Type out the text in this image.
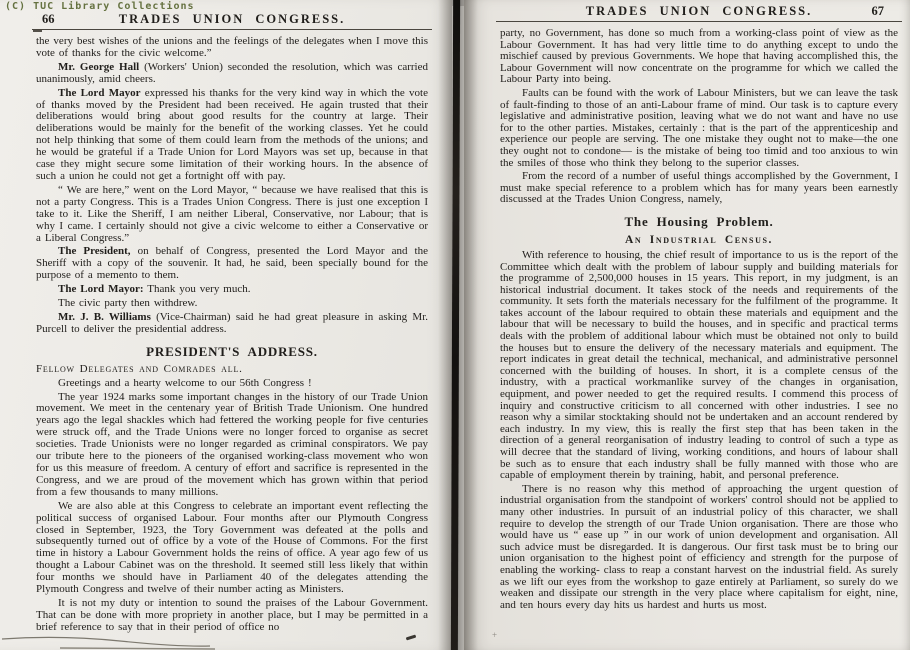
(C) TUC Library Collections
66	TRADES UNION CONGRESS.

the very best wishes of the unions and the feelings of the delegates when I move this vote of thanks for the civic welcome.”

Mr. George Hall (Workers' Union) seconded the resolution, which was carried unanimously, amid cheers.

The Lord Mayor expressed his thanks for the very kind way in which the vote of thanks moved by the President had been received. He again trusted that their deliberations would bring about good results for the country at large. Their deliberations would be mainly for the benefit of the working classes. Yet he could not help thinking that some of them could learn from the methods of the unions; and he would be grateful if a Trade Union for Lord Mayors was set up, because in that case they might secure some limitation of their working hours. In the absence of such a union he could not get a fortnight off with pay.

“ We are here,” went on the Lord Mayor, “ because we have realised that this is not a party Congress. This is a Trades Union Congress. There is just one exception I take to it. Like the Sheriff, I am neither Liberal, Conservative, nor Labour; that is why I came. I certainly should not give a civic welcome to either a Conservative or a Liberal Congress.”

The President, on behalf of Congress, presented the Lord Mayor and the Sheriff with a copy of the souvenir. It had, he said, been specially bound for the purpose of a memento to them.

The Lord Mayor: Thank you very much.

The civic party then withdrew.

Mr. J. B. Williams (Vice-Chairman) said he had great pleasure in asking Mr. Purcell to deliver the presidential address.

PRESIDENT'S ADDRESS.

Fellow Delegates and Comrades all.

Greetings and a hearty welcome to our 56th Congress !

The year 1924 marks some important changes in the history of our Trade Union movement. We meet in the centenary year of British Trade Unionism. One hundred years ago the legal shackles which had fettered the working people for five centuries were struck off, and the Trade Unions were no longer forced to organise as secret societies. Trade Unionists were no longer regarded as criminal conspirators. We pay our tribute here to the pioneers of the organised working-class movement who won for us this measure of freedom. A century of effort and sacrifice is represented in the Congress, and we are proud of the movement which has grown within that period from a few thousands to many millions.

We are also able at this Congress to celebrate an important event reflecting the political success of organised Labour. Four months after our Plymouth Congress closed in September, 1923, the Tory Government was defeated at the polls and subsequently turned out of office by a vote of the House of Commons. For the first time in history a Labour Government holds the reins of office. A year ago few of us thought a Labour Cabinet was on the threshold. It seemed still less likely that within four months we should have in Parliament 40 of the delegates attending the Plymouth Congress and twelve of their number acting as Ministers.

It is not my duty or intention to sound the praises of the Labour Government. That can be done with more propriety in another place, but I may be permitted in a brief reference to say that in their period of office no

TRADES UNION CONGRESS.	67

party, no Government, has done so much from a working-class point of view as the Labour Government. It has had very little time to do anything except to undo the mischief caused by previous Governments. We hope that having accomplished this, the Labour Government will now concentrate on the programme for which we called the Labour Party into being.

Faults can be found with the work of Labour Ministers, but we can leave the task of fault-finding to those of an anti-Labour frame of mind. Our task is to capture every legislative and administrative position, leaving what we do not want and have no use for to the other parties. Mistakes, certainly : that is the part of the apprenticeship and experience our people are serving. The one mistake they ought not to make—the one they ought not to condone— is the mistake of being too timid and too anxious to win the smiles of those who think they belong to the superior classes.

From the record of a number of useful things accomplished by the Government, I must make special reference to a problem which has for many years been earnestly discussed at the Trades Union Congress, namely,

The Housing Problem.
An Industrial Census.

With reference to housing, the chief result of importance to us is the report of the Committee which dealt with the problem of labour supply and building materials for the programme of 2,500,000 houses in 15 years. This report, in my judgment, is an historical industrial document. It takes stock of the needs and requirements of the community. It sets forth the materials necessary for the fulfilment of the programme. It takes account of the labour required to obtain these materials and equipment and the labour that will be necessary to build the houses, and in specific and practical terms deals with the problem of additional labour which must be obtained not only to build the houses but to ensure the delivery of the necessary materials and equipment. The report indicates in great detail the technical, mechanical, and administrative personnel concerned with the building of houses. In short, it is a complete census of the industry, with a practical workmanlike survey of the changes in organisation, equipment, and power needed to get the required results. I commend this process of inquiry and constructive criticism to all concerned with other industries. I see no reason why a similar stocktaking should not be undertaken and an account rendered by each industry. In my view, this is really the first step that has been taken in the direction of a general reorganisation of industry leading to control of such a type as will decree that the standard of living, working conditions, and hours of labour shall be such as to ensure that each industry shall be fully manned with those who are capable of employment therein by training, habit, and personal preference.

There is no reason why this method of approaching the urgent question of industrial organisation from the standpoint of workers' control should not be applied to many other industries. In pursuit of an industrial policy of this character, we shall require to develop the strength of our Trade Union organisation. There are those who would have us “ ease up ” in our work of union development and organisation. All such advice must be disregarded. It is dangerous. Our first task must be to bring our union organisation to the highest point of efficiency and strength for the purpose of enabling the working- class to reap a constant harvest on the industrial field. As surely as we lift our eyes from the workshop to gaze entirely at Parliament, so surely do we weaken and dissipate our strength in the very place where capitalism for eight, nine, and ten hours every day hits us hardest and hurts us most.

+
